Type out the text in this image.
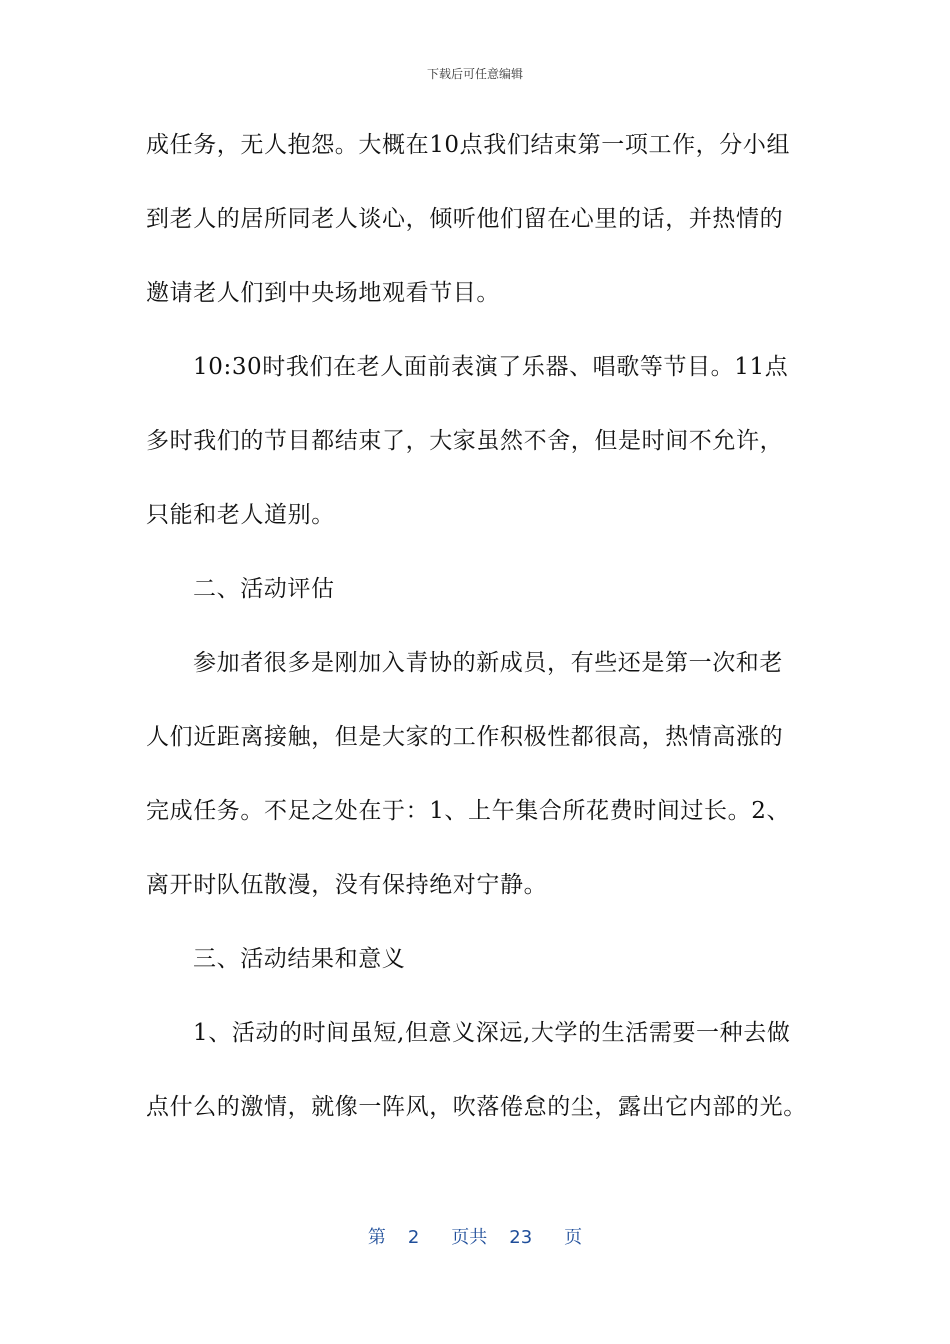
下载后可任意编辑
成任务，无人抱怨。大概在10点我们结束第一项工作，分小组
到老人的居所同老人谈心，倾听他们留在心里的话，并热情的
邀请老人们到中央场地观看节目。
10:30时我们在老人面前表演了乐器、唱歌等节目。11点
多时我们的节目都结束了，大家虽然不舍，但是时间不允许，
只能和老人道别。
二、活动评估
参加者很多是刚加入青协的新成员，有些还是第一次和老
人们近距离接触，但是大家的工作积极性都很高，热情高涨的
完成任务。不足之处在于：1、上午集合所花费时间过长。2、
离开时队伍散漫，没有保持绝对宁静。
三、活动结果和意义
1、活动的时间虽短,但意义深远,大学的生活需要一种去做
点什么的激情，就像一阵风，吹落倦怠的尘，露出它内部的光。
第 2 页共 23 页
